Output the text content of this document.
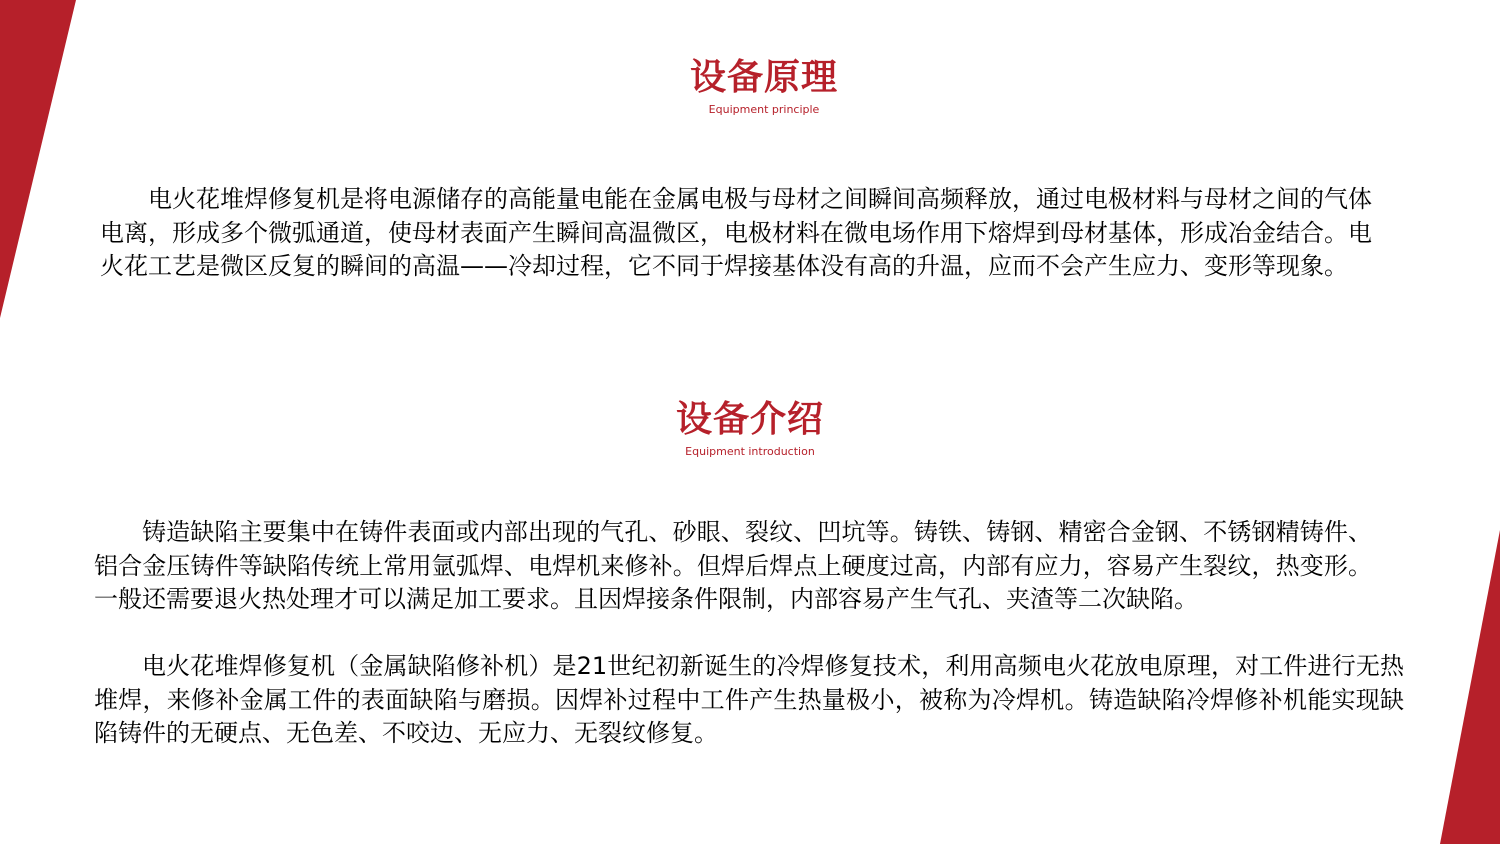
设备原理
Equipment principle

电火花堆焊修复机是将电源储存的高能量电能在金属电极与母材之间瞬间高频释放，通过电极材料与母材之间的气体电离，形成多个微弧通道，使母材表面产生瞬间高温微区，电极材料在微电场作用下熔焊到母材基体，形成冶金结合。电火花工艺是微区反复的瞬间的高温——冷却过程，它不同于焊接基体没有高的升温，应而不会产生应力、变形等现象。

设备介绍
Equipment introduction

铸造缺陷主要集中在铸件表面或内部出现的气孔、砂眼、裂纹、凹坑等。铸铁、铸钢、精密合金钢、不锈钢精铸件、铝合金压铸件等缺陷传统上常用氩弧焊、电焊机来修补。但焊后焊点上硬度过高，内部有应力，容易产生裂纹，热变形。一般还需要退火热处理才可以满足加工要求。且因焊接条件限制，内部容易产生气孔、夹渣等二次缺陷。

电火花堆焊修复机（金属缺陷修补机）是21世纪初新诞生的冷焊修复技术，利用高频电火花放电原理，对工件进行无热堆焊，来修补金属工件的表面缺陷与磨损。因焊补过程中工件产生热量极小，被称为冷焊机。铸造缺陷冷焊修补机能实现缺陷铸件的无硬点、无色差、不咬边、无应力、无裂纹修复。
